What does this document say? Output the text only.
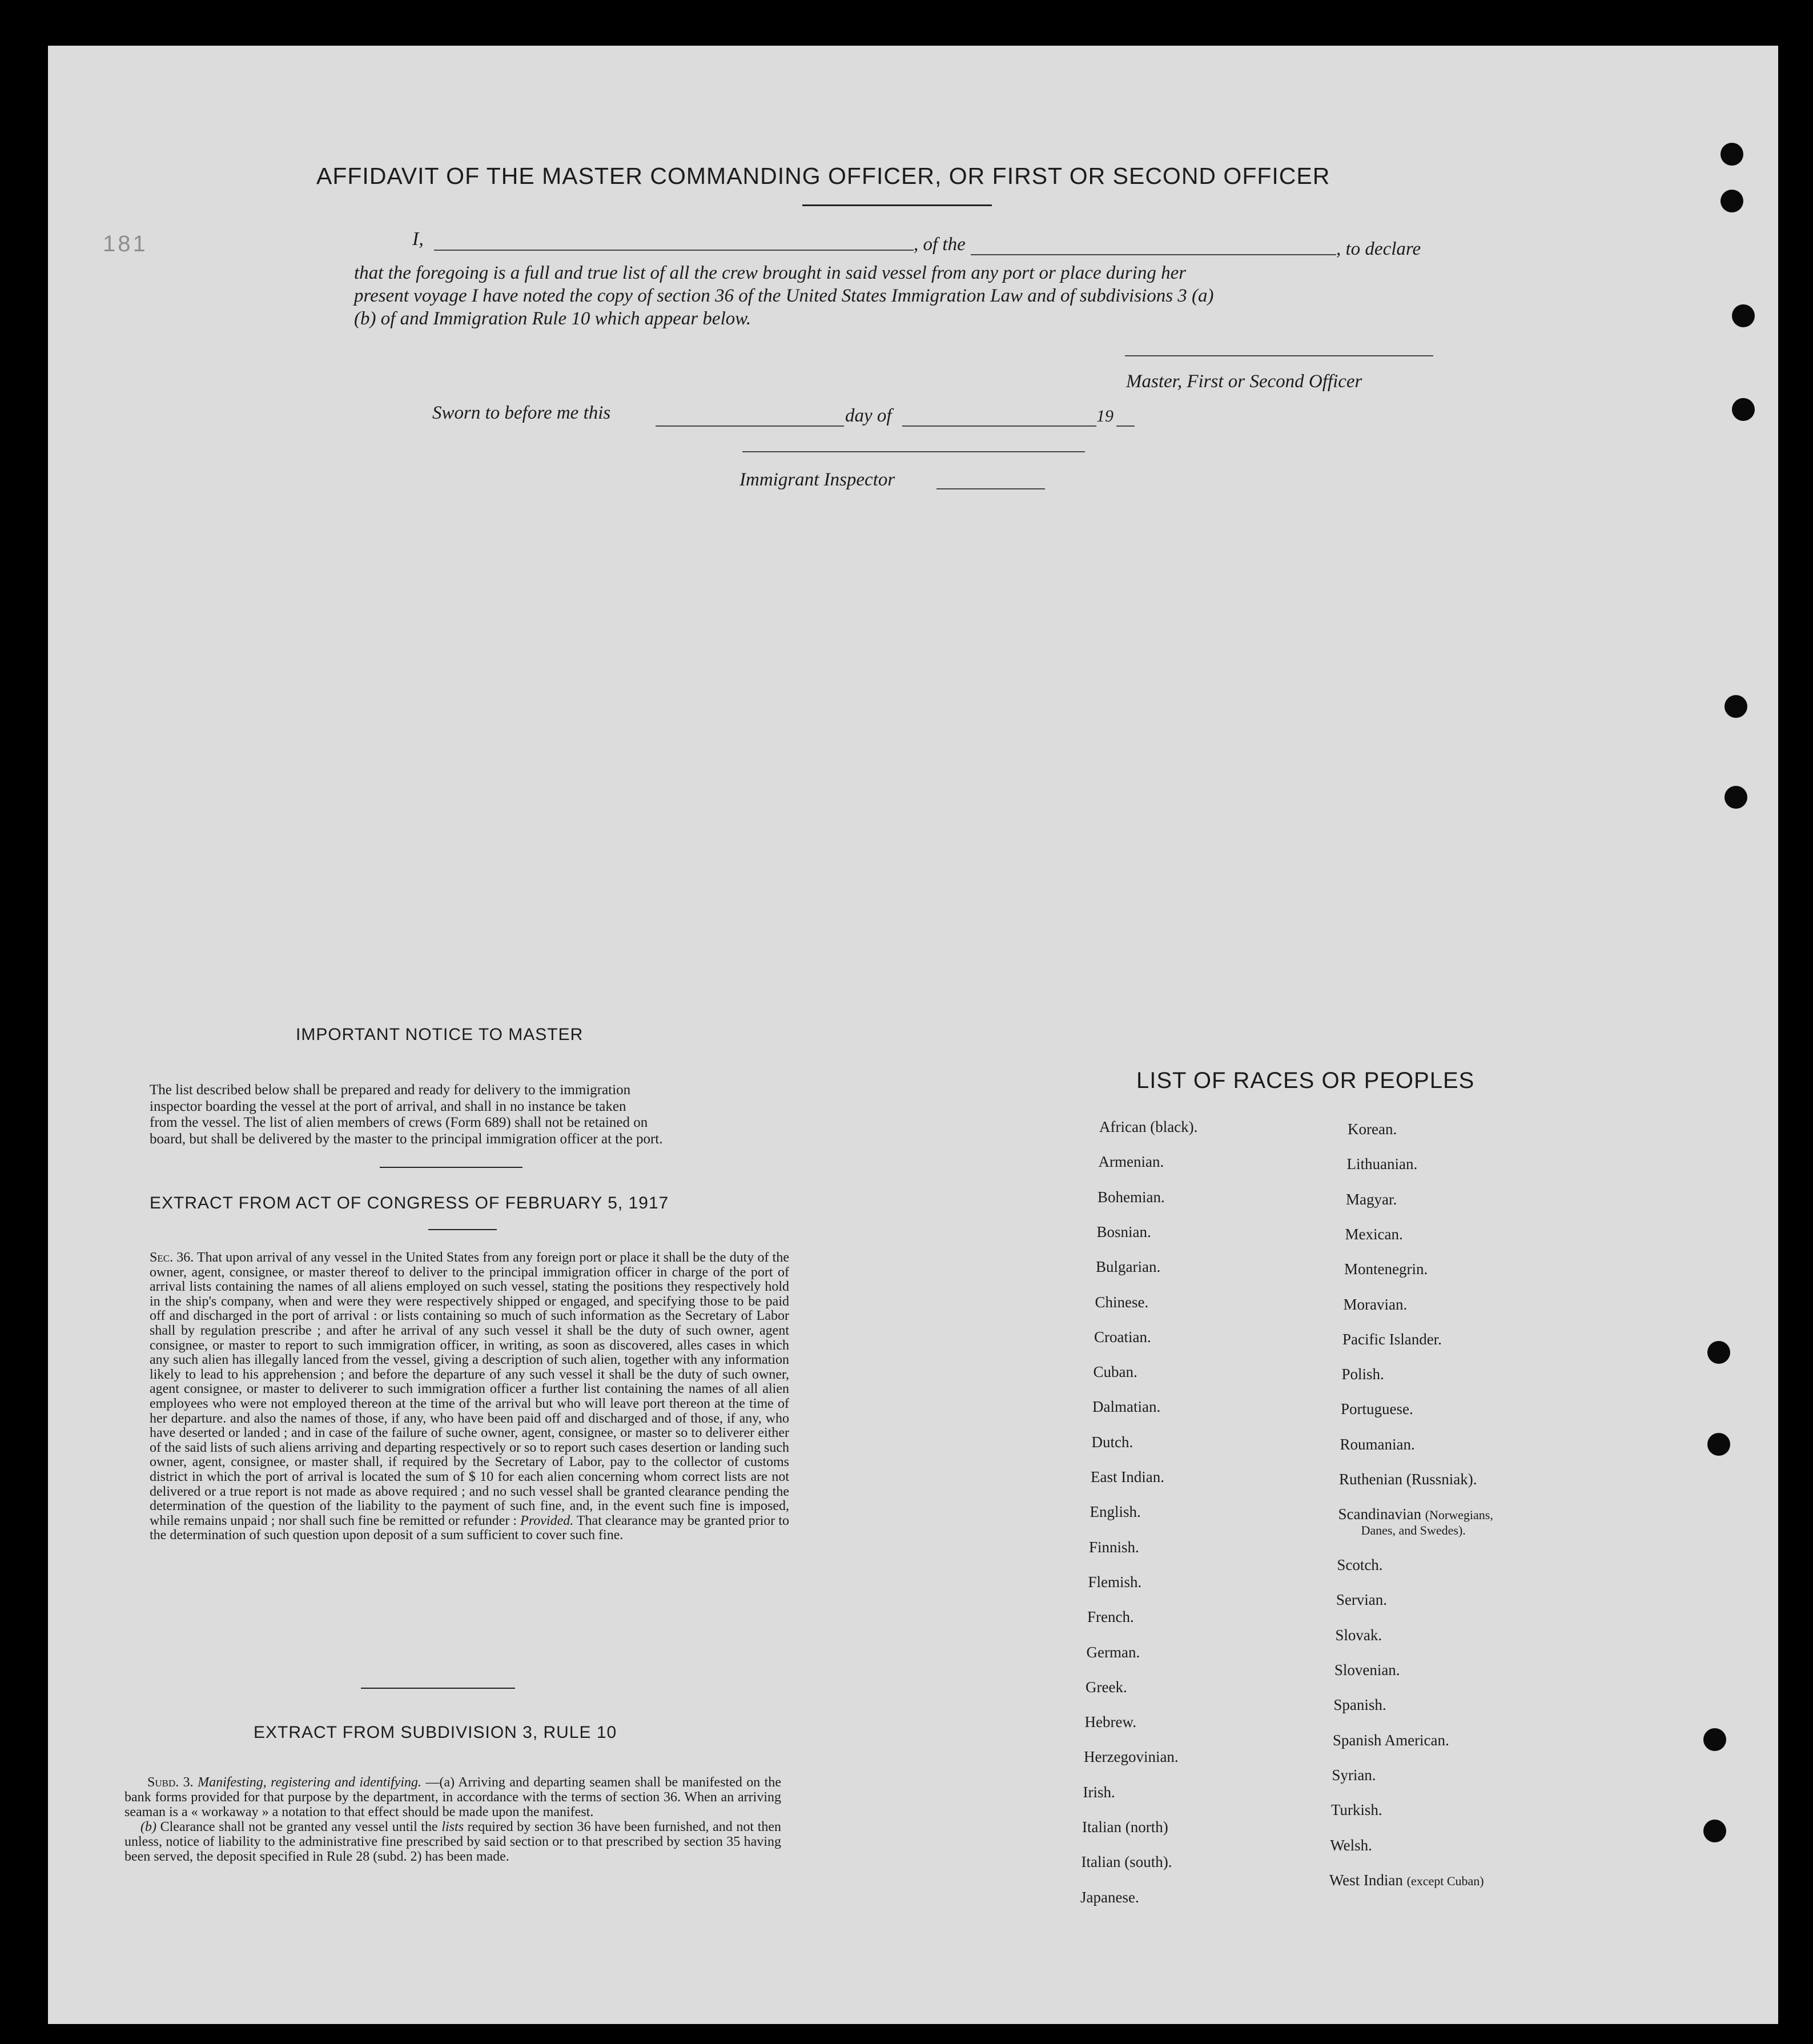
181
AFFIDAVIT OF THE MASTER COMMANDING OFFICER, OR FIRST OR SECOND OFFICER
I,	, of the	, to declare
that the foregoing is a full and true list of all the crew brought in said vessel from any port or place during her
present voyage I have noted the copy of section 36 of the United States Immigration Law and of subdivisions 3 (a)
(b) of and Immigration Rule 10 which appear below.
Master, First or Second Officer
Sworn to before me this	day of	19
Immigrant Inspector
IMPORTANT NOTICE TO MASTER
The list described below shall be prepared and ready for delivery to the immigration
inspector boarding the vessel at the port of arrival, and shall in no instance be taken
from the vessel. The list of alien members of crews (Form 689) shall not be retained on
board, but shall be delivered by the master to the principal immigration officer at the port.
EXTRACT FROM ACT OF CONGRESS OF FEBRUARY 5, 1917
Sec. 36. That upon arrival of any vessel in the United States from any foreign port or place it shall be the duty of the owner, agent, consignee, or master thereof to deliver to the principal immigration officer in charge of the port of arrival lists containing the names of all aliens employed on such vessel, stating the positions they respectively hold in the ship's company, when and were they were respectively shipped or engaged, and specifying those to be paid off and discharged in the port of arrival : or lists containing so much of such information as the Secretary of Labor shall by regulation prescribe ; and after he arrival of any such vessel it shall be the duty of such owner, agent consignee, or master to report to such immigration officer, in writing, as soon as discovered, alles cases in which any such alien has illegally lanced from the vessel, giving a description of such alien, together with any information likely to lead to his apprehension ; and before the departure of any such vessel it shall be the duty of such owner, agent consignee, or master to deliverer to such immigration officer a further list containing the names of all alien employees who were not employed thereon at the time of the arrival but who will leave port thereon at the time of her departure. and also the names of those, if any, who have been paid off and discharged and of those, if any, who have deserted or landed ; and in case of the failure of suche owner, agent, consignee, or master so to deliverer either of the said lists of such aliens arriving and departing respectively or so to report such cases desertion or landing such owner, agent, consignee, or master shall, if required by the Secretary of Labor, pay to the collector of customs district in which the port of arrival is located the sum of $ 10 for each alien concerning whom correct lists are not delivered or a true report is not made as above required ; and no such vessel shall be granted clearance pending the determination of the question of the liability to the payment of such fine, and, in the event such fine is imposed, while remains unpaid ; nor shall such fine be remitted or refunder : Provided. That clearance may be granted prior to the determination of such question upon deposit of a sum sufficient to cover such fine.
EXTRACT FROM SUBDIVISION 3, RULE 10
Subd. 3. Manifesting, registering and identifying. —(a) Arriving and departing seamen shall be manifested on the bank forms provided for that purpose by the department, in accordance with the terms of section 36. When an arriving seaman is a « workaway » a notation to that effect should be made upon the manifest.
(b) Clearance shall not be granted any vessel until the lists required by section 36 have been furnished, and not then unless, notice of liability to the administrative fine prescribed by said section or to that prescribed by section 35 having been served, the deposit specified in Rule 28 (subd. 2) has been made.
LIST OF RACES OR PEOPLES
African (black).
Armenian.
Bohemian.
Bosnian.
Bulgarian.
Chinese.
Croatian.
Cuban.
Dalmatian.
Dutch.
East Indian.
English.
Finnish.
Flemish.
French.
German.
Greek.
Hebrew.
Herzegovinian.
Irish.
Italian (north)
Italian (south).
Japanese.
Korean.
Lithuanian.
Magyar.
Mexican.
Montenegrin.
Moravian.
Pacific Islander.
Polish.
Portuguese.
Roumanian.
Ruthenian (Russniak).
Scandinavian (Norwegians,
Danes, and Swedes).
Scotch.
Servian.
Slovak.
Slovenian.
Spanish.
Spanish American.
Syrian.
Turkish.
Welsh.
West Indian (except Cuban)
